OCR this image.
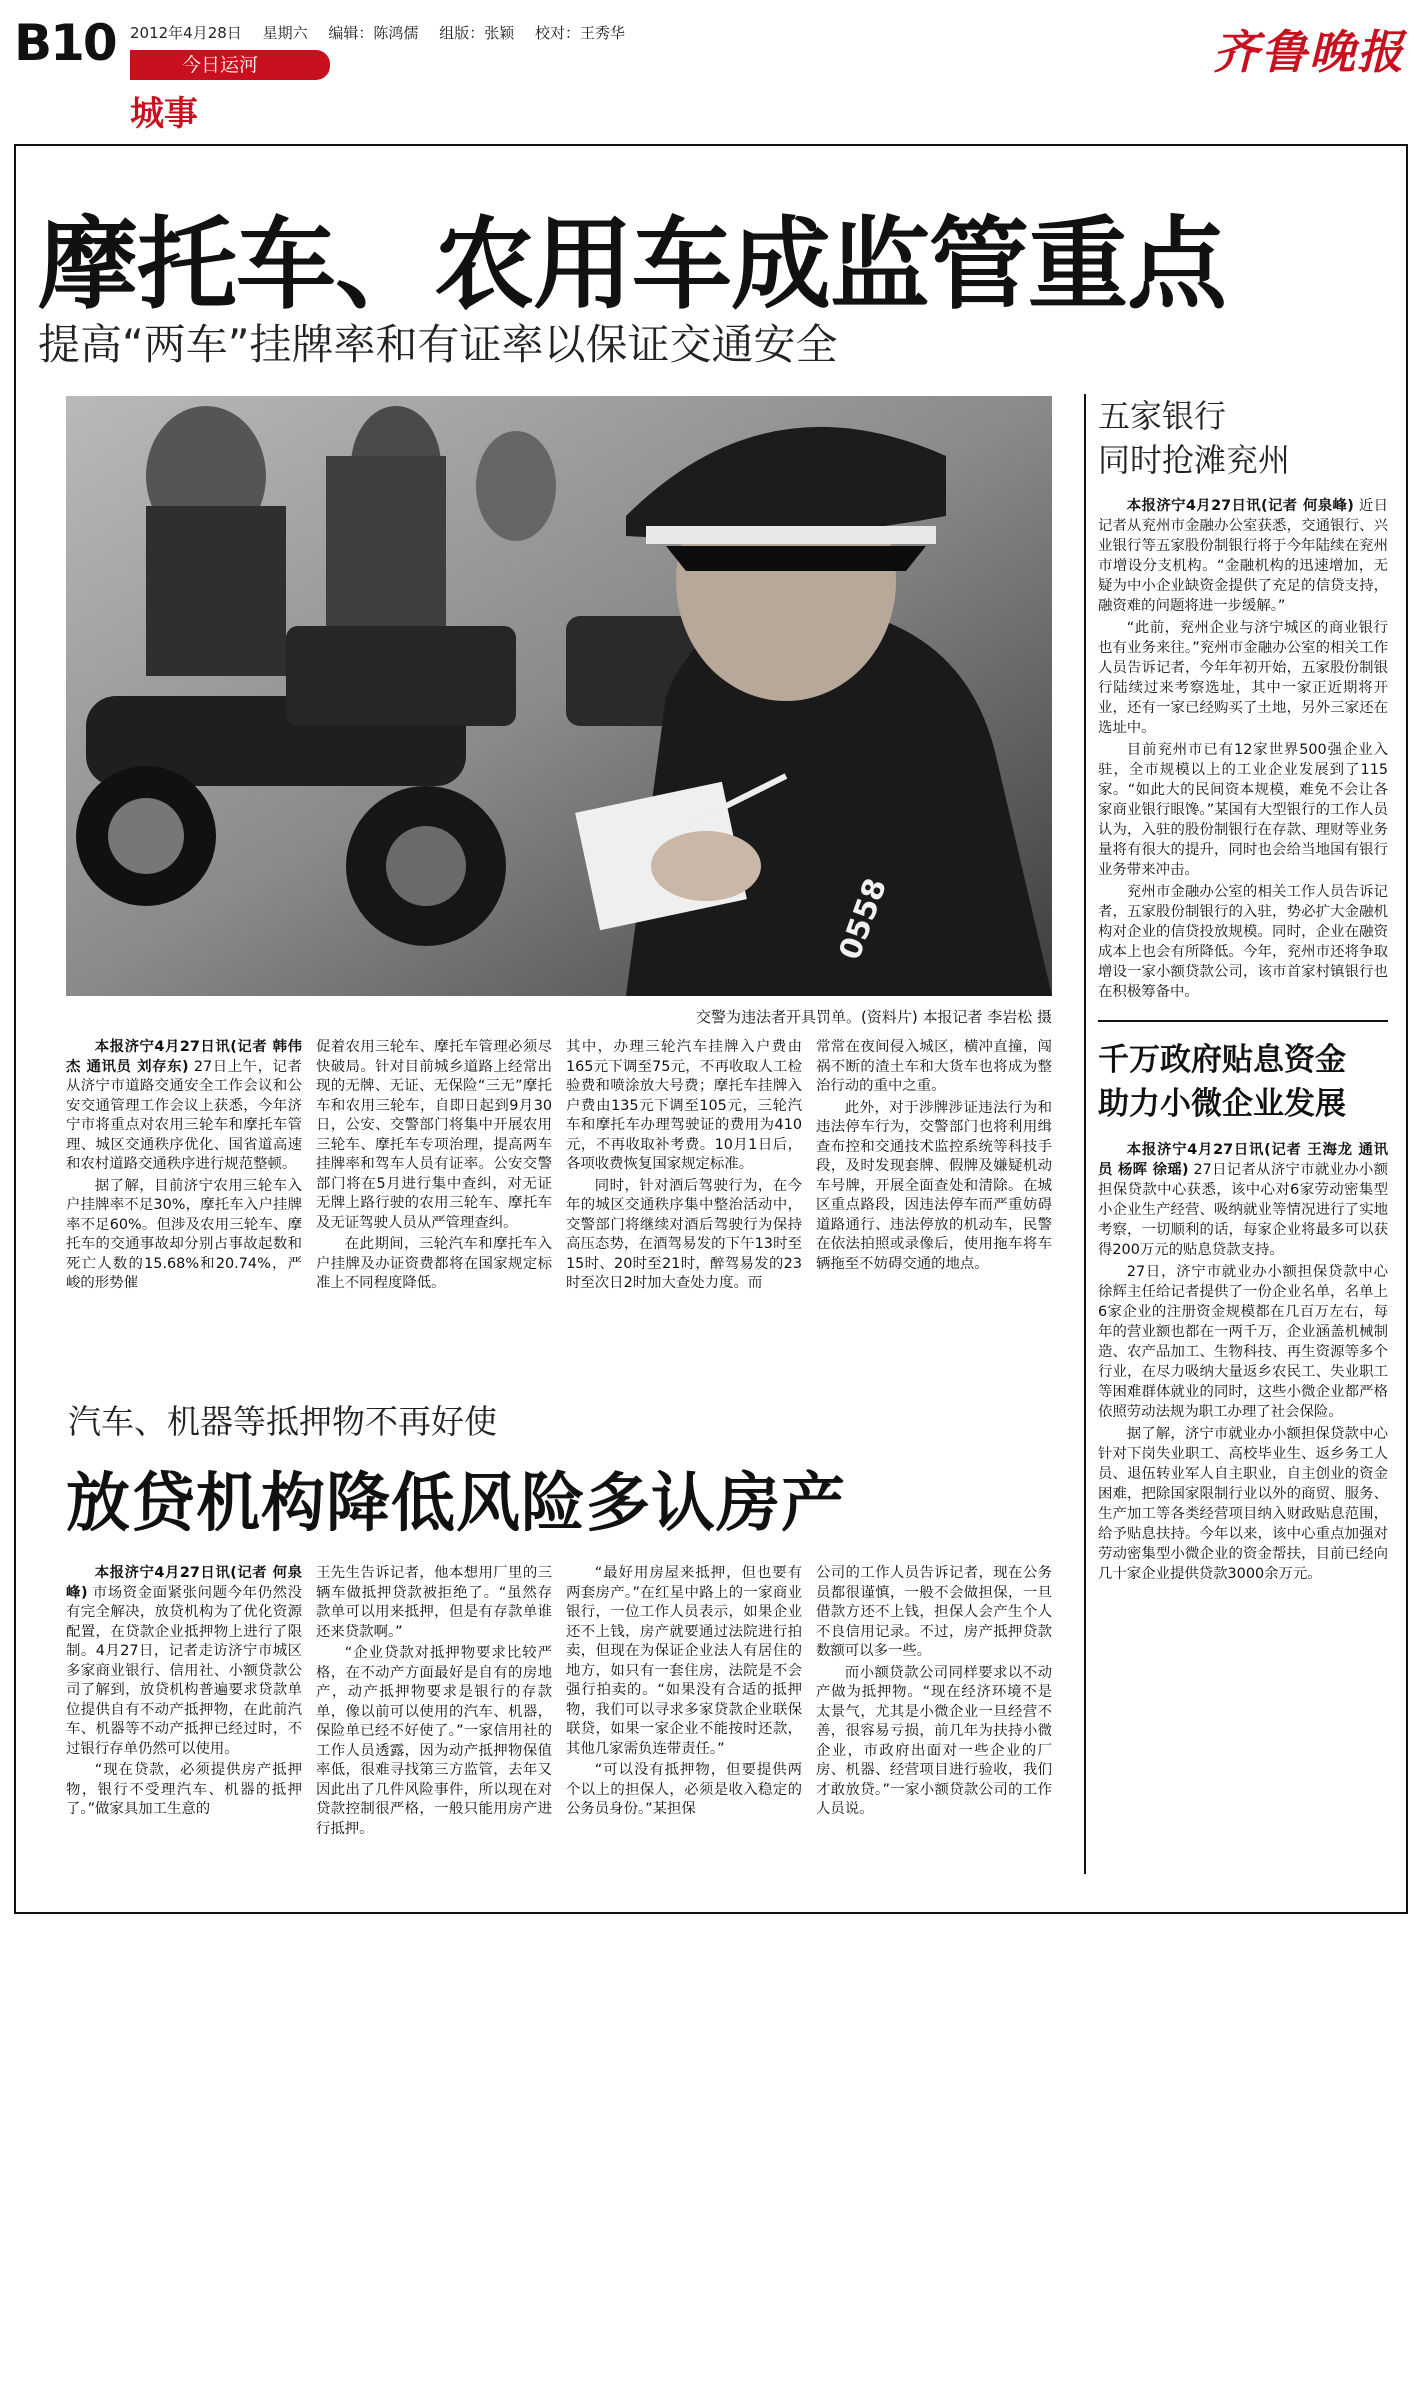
B10 2012年4月28日 星期六 编辑：陈鸿儒 组版：张颖 校对：王秀华
今日运河
城事
齐鲁晚报
摩托车、农用车成监管重点
提高“两车”挂牌率和有证率以保证交通安全
0558
交警为违法者开具罚单。(资料片) 本报记者 李岩松 摄

本报济宁4月27日讯(记者 韩伟杰 通讯员 刘存东) 27日上午，记者从济宁市道路交通安全工作会议和公安交通管理工作会议上获悉，今年济宁市将重点对农用三轮车和摩托车管理、城区交通秩序优化、国省道高速和农村道路交通秩序进行规范整顿。

据了解，目前济宁农用三轮车入户挂牌率不足30%，摩托车入户挂牌率不足60%。但涉及农用三轮车、摩托车的交通事故却分别占事故起数和死亡人数的15.68%和20.74%，严峻的形势催

促着农用三轮车、摩托车管理必须尽快破局。针对目前城乡道路上经常出现的无牌、无证、无保险“三无”摩托车和农用三轮车，自即日起到9月30日，公安、交警部门将集中开展农用三轮车、摩托车专项治理，提高两车挂牌率和驾车人员有证率。公安交警部门将在5月进行集中查纠，对无证无牌上路行驶的农用三轮车、摩托车及无证驾驶人员从严管理查纠。

在此期间，三轮汽车和摩托车入户挂牌及办证资费都将在国家规定标准上不同程度降低。

其中，办理三轮汽车挂牌入户费由165元下调至75元，不再收取人工检验费和喷涂放大号费；摩托车挂牌入户费由135元下调至105元，三轮汽车和摩托车办理驾驶证的费用为410元，不再收取补考费。10月1日后，各项收费恢复国家规定标准。

同时，针对酒后驾驶行为，在今年的城区交通秩序集中整治活动中，交警部门将继续对酒后驾驶行为保持高压态势，在酒驾易发的下午13时至15时、20时至21时，醉驾易发的23时至次日2时加大查处力度。而

常常在夜间侵入城区，横冲直撞，闯祸不断的渣土车和大货车也将成为整治行动的重中之重。

此外，对于涉牌涉证违法行为和违法停车行为，交警部门也将利用缉查布控和交通技术监控系统等科技手段，及时发现套牌、假牌及嫌疑机动车号牌，开展全面查处和清除。在城区重点路段，因违法停车而严重妨碍道路通行、违法停放的机动车，民警在依法拍照或录像后，使用拖车将车辆拖至不妨碍交通的地点。

汽车、机器等抵押物不再好使
放贷机构降低风险多认房产

本报济宁4月27日讯(记者 何泉峰) 市场资金面紧张问题今年仍然没有完全解决，放贷机构为了优化资源配置，在贷款企业抵押物上进行了限制。4月27日，记者走访济宁市城区多家商业银行、信用社、小额贷款公司了解到，放贷机构普遍要求贷款单位提供自有不动产抵押物，在此前汽车、机器等不动产抵押已经过时，不过银行存单仍然可以使用。

“现在贷款，必须提供房产抵押物，银行不受理汽车、机器的抵押了。”做家具加工生意的

王先生告诉记者，他本想用厂里的三辆车做抵押贷款被拒绝了。“虽然存款单可以用来抵押，但是有存款单谁还来贷款啊。”

“企业贷款对抵押物要求比较严格，在不动产方面最好是自有的房地产，动产抵押物要求是银行的存款单，像以前可以使用的汽车、机器，保险单已经不好使了。”一家信用社的工作人员透露，因为动产抵押物保值率低，很难寻找第三方监管，去年又因此出了几件风险事件，所以现在对贷款控制很严格，一般只能用房产进行抵押。

“最好用房屋来抵押，但也要有两套房产。”在红星中路上的一家商业银行，一位工作人员表示，如果企业还不上钱，房产就要通过法院进行拍卖，但现在为保证企业法人有居住的地方，如只有一套住房，法院是不会强行拍卖的。“如果没有合适的抵押物，我们可以寻求多家贷款企业联保联贷，如果一家企业不能按时还款，其他几家需负连带责任。”

“可以没有抵押物，但要提供两个以上的担保人，必须是收入稳定的公务员身份。”某担保

公司的工作人员告诉记者，现在公务员都很谨慎，一般不会做担保，一旦借款方还不上钱，担保人会产生个人不良信用记录。不过，房产抵押贷款数额可以多一些。

而小额贷款公司同样要求以不动产做为抵押物。“现在经济环境不是太景气，尤其是小微企业一旦经营不善，很容易亏损，前几年为扶持小微企业，市政府出面对一些企业的厂房、机器、经营项目进行验收，我们才敢放贷。”一家小额贷款公司的工作人员说。

五家银行
同时抢滩兖州

本报济宁4月27日讯(记者 何泉峰) 近日记者从兖州市金融办公室获悉，交通银行、兴业银行等五家股份制银行将于今年陆续在兖州市增设分支机构。“金融机构的迅速增加，无疑为中小企业缺资金提供了充足的信贷支持，融资难的问题将进一步缓解。”

“此前，兖州企业与济宁城区的商业银行也有业务来往。”兖州市金融办公室的相关工作人员告诉记者，今年年初开始，五家股份制银行陆续过来考察选址，其中一家正近期将开业，还有一家已经购买了土地，另外三家还在选址中。

目前兖州市已有12家世界500强企业入驻，全市规模以上的工业企业发展到了115家。“如此大的民间资本规模，难免不会让各家商业银行眼馋。”某国有大型银行的工作人员认为，入驻的股份制银行在存款、理财等业务量将有很大的提升，同时也会给当地国有银行业务带来冲击。

兖州市金融办公室的相关工作人员告诉记者，五家股份制银行的入驻，势必扩大金融机构对企业的信贷投放规模。同时，企业在融资成本上也会有所降低。今年，兖州市还将争取增设一家小额贷款公司，该市首家村镇银行也在积极筹备中。

千万政府贴息资金
助力小微企业发展

本报济宁4月27日讯(记者 王海龙 通讯员 杨晖 徐瑶) 27日记者从济宁市就业办小额担保贷款中心获悉，该中心对6家劳动密集型小企业生产经营、吸纳就业等情况进行了实地考察，一切顺利的话，每家企业将最多可以获得200万元的贴息贷款支持。

27日，济宁市就业办小额担保贷款中心徐辉主任给记者提供了一份企业名单，名单上6家企业的注册资金规模都在几百万左右，每年的营业额也都在一两千万，企业涵盖机械制造、农产品加工、生物科技、再生资源等多个行业，在尽力吸纳大量返乡农民工、失业职工等困难群体就业的同时，这些小微企业都严格依照劳动法规为职工办理了社会保险。

据了解，济宁市就业办小额担保贷款中心针对下岗失业职工、高校毕业生、返乡务工人员、退伍转业军人自主职业，自主创业的资金困难，把除国家限制行业以外的商贸、服务、生产加工等各类经营项目纳入财政贴息范围，给予贴息扶持。今年以来，该中心重点加强对劳动密集型小微企业的资金帮扶，目前已经向几十家企业提供贷款3000余万元。
